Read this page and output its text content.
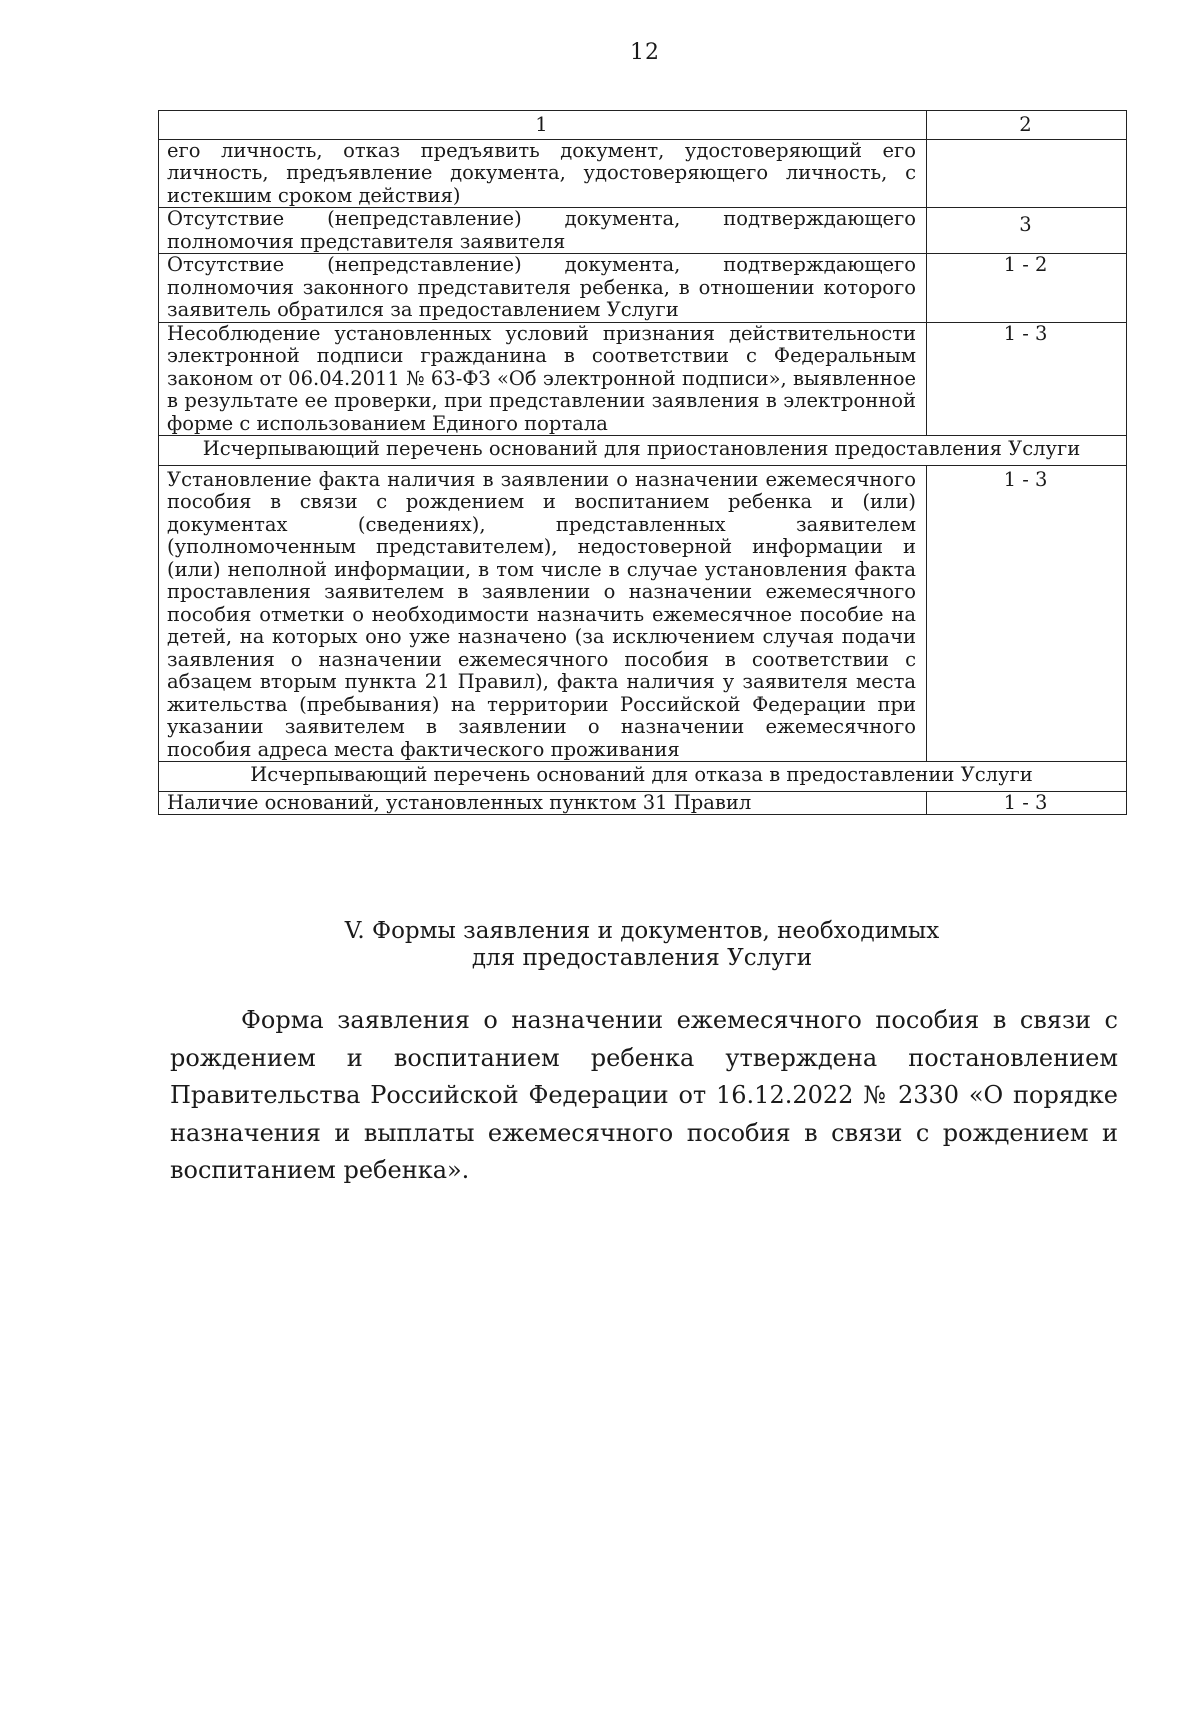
12
1	2
его личность, отказ предъявить документ, удостоверяющий его личность, предъявление документа, удостоверяющего личность, с истекшим сроком действия)	
Отсутствие (непредставление) документа, подтверждающего полномочия представителя заявителя	3
Отсутствие (непредставление) документа, подтверждающего полномочия законного представителя ребенка, в отношении которого заявитель обратился за предоставлением Услуги	1 - 2
Несоблюдение установленных условий признания действительности электронной подписи гражданина в соответствии с Федеральным законом от 06.04.2011 № 63-ФЗ «Об электронной подписи», выявленное в результате ее проверки, при представлении заявления в электронной форме с использованием Единого портала	1 - 3
Исчерпывающий перечень оснований для приостановления предоставления Услуги	
Установление факта наличия в заявлении о назначении ежемесячного пособия в связи с рождением и воспитанием ребенка и (или) документах (сведениях), представленных заявителем (уполномоченным представителем), недостоверной информации и (или) неполной информации, в том числе в случае установления факта проставления заявителем в заявлении о назначении ежемесячного пособия отметки о необходимости назначить ежемесячное пособие на детей, на которых оно уже назначено (за исключением случая подачи заявления о назначении ежемесячного пособия в соответствии с абзацем вторым пункта 21 Правил), факта наличия у заявителя места жительства (пребывания) на территории Российской Федерации при указании заявителем в заявлении о назначении ежемесячного пособия адреса места фактического проживания	1 - 3
Исчерпывающий перечень оснований для отказа в предоставлении Услуги	
Наличие оснований, установленных пунктом 31 Правил	1 - 3
V. Формы заявления и документов, необходимых
для предоставления Услуги
Форма заявления о назначении ежемесячного пособия в связи с рождением и воспитанием ребенка утверждена постановлением Правительства Российской Федерации от 16.12.2022 № 2330 «О порядке назначения и выплаты ежемесячного пособия в связи с рождением и воспитанием ребенка».
